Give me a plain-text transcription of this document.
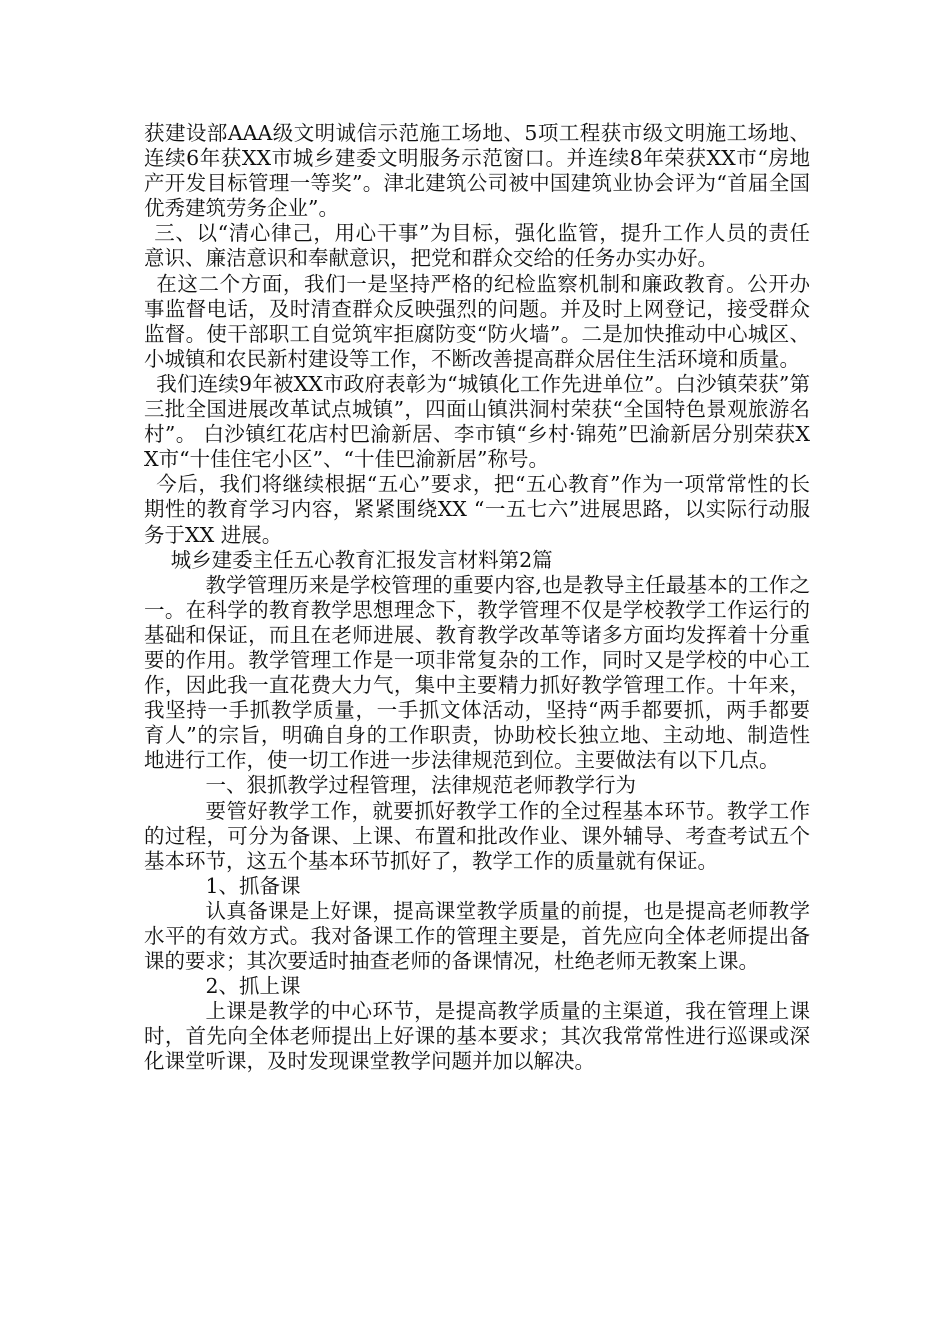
获建设部AAA级文明诚信示范施工场地、5项工程获市级文明施工场地、连续6年获XX市城乡建委文明服务示范窗口。并连续8年荣获XX市“房地产开发目标管理一等奖”。津北建筑公司被中国建筑业协会评为“首届全国优秀建筑劳务企业”。

三、以“清心律己，用心干事”为目标，强化监管，提升工作人员的责任意识、廉洁意识和奉献意识，把党和群众交给的任务办实办好。

在这二个方面，我们一是坚持严格的纪检监察机制和廉政教育。公开办事监督电话，及时清查群众反映强烈的问题。并及时上网登记，接受群众监督。使干部职工自觉筑牢拒腐防变“防火墙”。二是加快推动中心城区、小城镇和农民新村建设等工作，不断改善提高群众居住生活环境和质量。

我们连续9年被XX市政府表彰为“城镇化工作先进单位”。白沙镇荣获”第三批全国进展改革试点城镇”，四面山镇洪洞村荣获“全国特色景观旅游名村”。 白沙镇红花店村巴渝新居、李市镇“乡村·锦苑”巴渝新居分别荣获XX市“十佳住宅小区”、“十佳巴渝新居”称号。

今后，我们将继续根据“五心”要求，把“五心教育”作为一项常常性的长期性的教育学习内容，紧紧围绕XX “一五七六”进展思路，以实际行动服务于XX 进展。

城乡建委主任五心教育汇报发言材料第2篇

教学管理历来是学校管理的重要内容,也是教导主任最基本的工作之一。在科学的教育教学思想理念下，教学管理不仅是学校教学工作运行的基础和保证，而且在老师进展、教育教学改革等诸多方面均发挥着十分重要的作用。教学管理工作是一项非常复杂的工作，同时又是学校的中心工作，因此我一直花费大力气，集中主要精力抓好教学管理工作。十年来，我坚持一手抓教学质量，一手抓文体活动，坚持“两手都要抓，两手都要育人”的宗旨，明确自身的工作职责，协助校长独立地、主动地、制造性地进行工作，使一切工作进一步法律规范到位。主要做法有以下几点。

一、狠抓教学过程管理，法律规范老师教学行为

要管好教学工作，就要抓好教学工作的全过程基本环节。教学工作的过程，可分为备课、上课、布置和批改作业、课外辅导、考查考试五个基本环节，这五个基本环节抓好了，教学工作的质量就有保证。

1、抓备课

认真备课是上好课，提高课堂教学质量的前提，也是提高老师教学水平的有效方式。我对备课工作的管理主要是，首先应向全体老师提出备课的要求；其次要适时抽查老师的备课情况，杜绝老师无教案上课。

2、抓上课

上课是教学的中心环节，是提高教学质量的主渠道，我在管理上课时，首先向全体老师提出上好课的基本要求；其次我常常性进行巡课或深化课堂听课，及时发现课堂教学问题并加以解决。
